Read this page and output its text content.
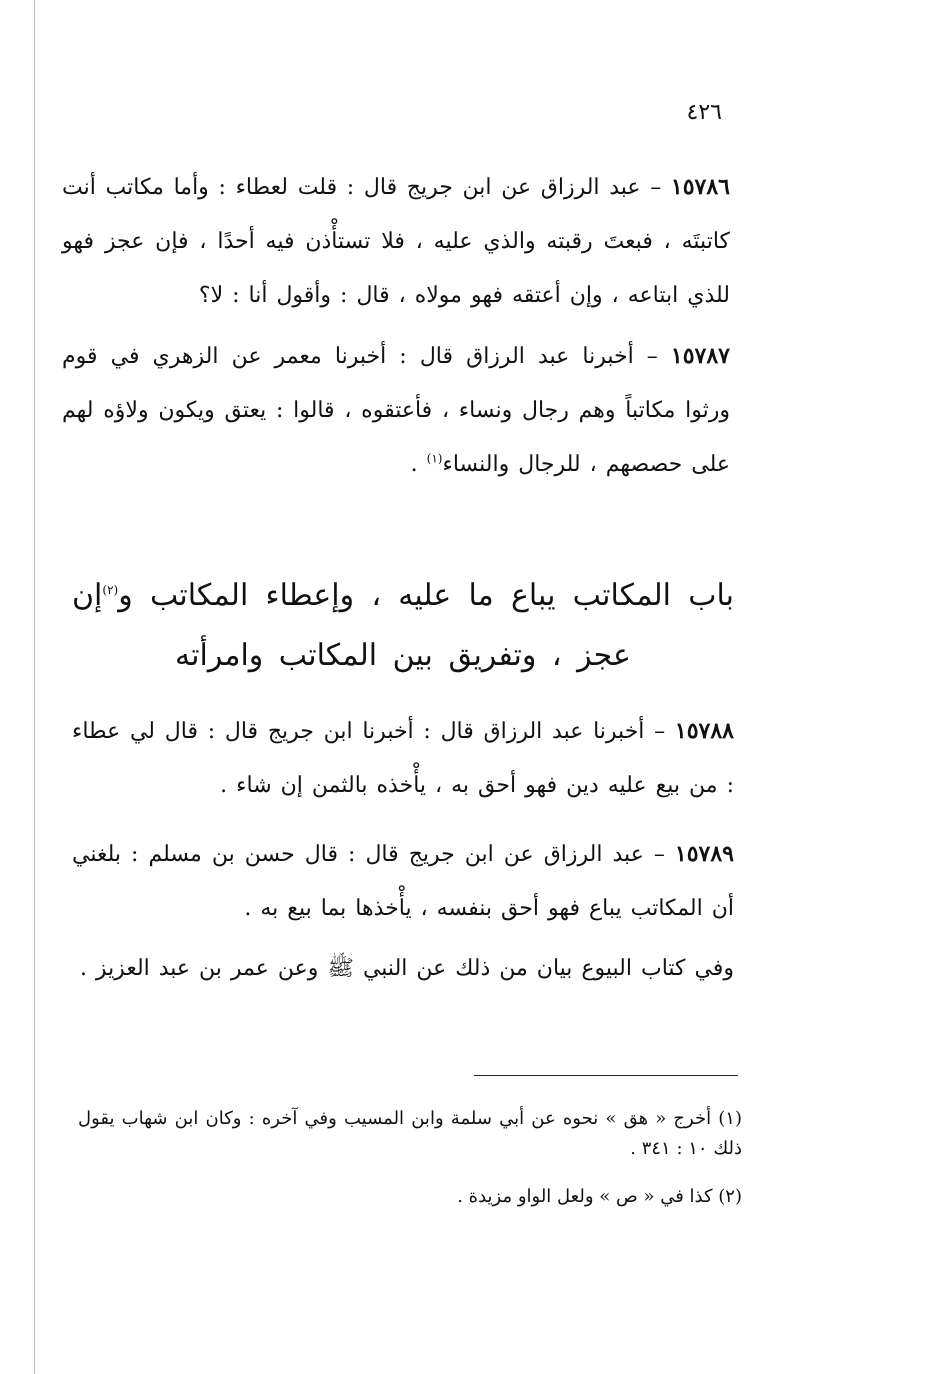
٤٢٦

١٥٧٨٦ – عبد الرزاق عن ابن جريج قال : قلت لعطاء : وأما مكاتب أنت كاتبتَه ، فبعتَ رقبته والذي عليه ، فلا تستأْذن فيه أحدًا ، فإن عجز فهو للذي ابتاعه ، وإن أعتقه فهو مولاه ، قال : وأقول أنا : لا؟

١٥٧٨٧ – أخبرنا عبد الرزاق قال : أخبرنا معمر عن الزهري في قوم ورثوا مكاتباً وهم رجال ونساء ، فأعتقوه ، قالوا : يعتق ويكون ولاؤه لهم على حصصهم ، للرجال والنساء$^{(١)}$ .

باب المكاتب يباع ما عليه ، وإعطاء المكاتب و$^{(٢)}$إن

عجز ، وتفريق بين المكاتب وامرأته

١٥٧٨٨ – أخبرنا عبد الرزاق قال : أخبرنا ابن جريج قال : قال لي عطاء : من بيع عليه دين فهو أحق به ، يأْخذه بالثمن إن شاء .

١٥٧٨٩ – عبد الرزاق عن ابن جريج قال : قال حسن بن مسلم : بلغني أن المكاتب يباع فهو أحق بنفسه ، يأْخذها بما بيع به .

وفي كتاب البيوع بيان من ذلك عن النبي ﷺ وعن عمر بن عبد العزيز .

(١) أخرج « هق » نحوه عن أبي سلمة وابن المسيب وفي آخره : وكان ابن شهاب يقول ذلك ١٠ : ٣٤١ .

(٢) كذا في « ص » ولعل الواو مزيدة .
